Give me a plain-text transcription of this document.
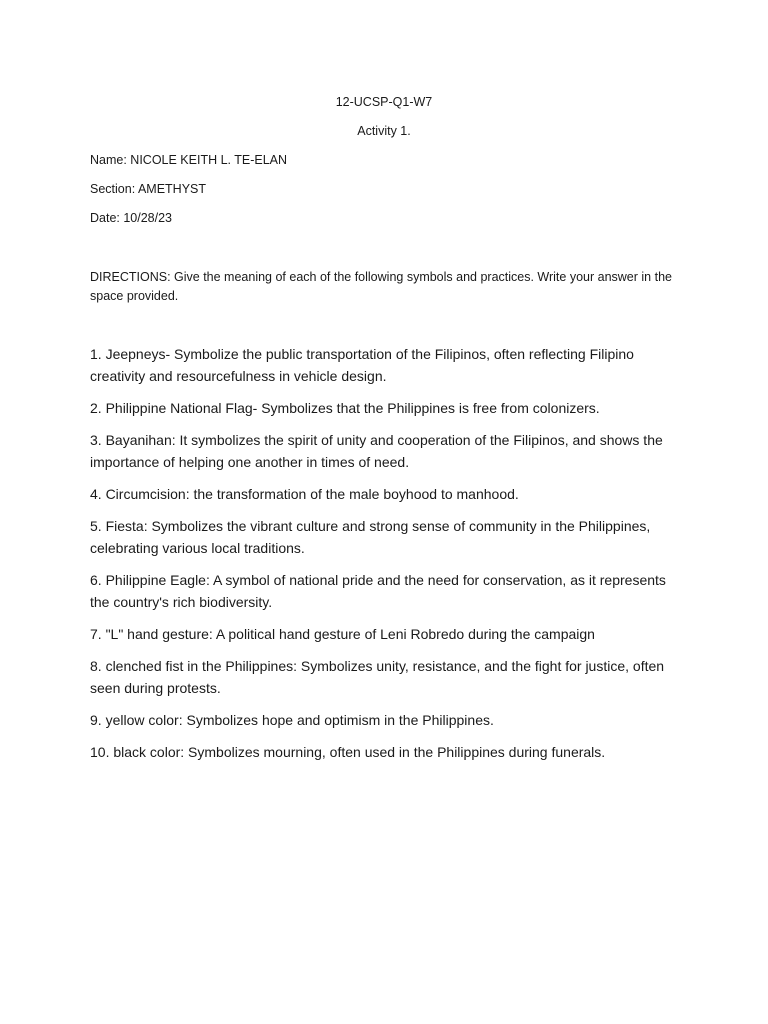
12-UCSP-Q1-W7
Activity 1.
Name: NICOLE KEITH L. TE-ELAN
Section: AMETHYST
Date: 10/28/23
DIRECTIONS: Give the meaning of each of the following symbols and practices. Write your answer in the space provided.
1. Jeepneys- Symbolize the public transportation of the Filipinos, often reflecting Filipino creativity and resourcefulness in vehicle design.
2. Philippine National Flag- Symbolizes that the Philippines is free from colonizers.
3. Bayanihan: It symbolizes the spirit of unity and cooperation of the Filipinos, and shows the importance of helping one another in times of need.
4. Circumcision: the transformation of the male boyhood to manhood.
5. Fiesta: Symbolizes the vibrant culture and strong sense of community in the Philippines, celebrating various local traditions.
6. Philippine Eagle: A symbol of national pride and the need for conservation, as it represents the country's rich biodiversity.
7. "L" hand gesture: A political hand gesture of Leni Robredo during the campaign
8. clenched fist in the Philippines: Symbolizes unity, resistance, and the fight for justice, often seen during protests.
9. yellow color: Symbolizes hope and optimism in the Philippines.
10. black color: Symbolizes mourning, often used in the Philippines during funerals.
